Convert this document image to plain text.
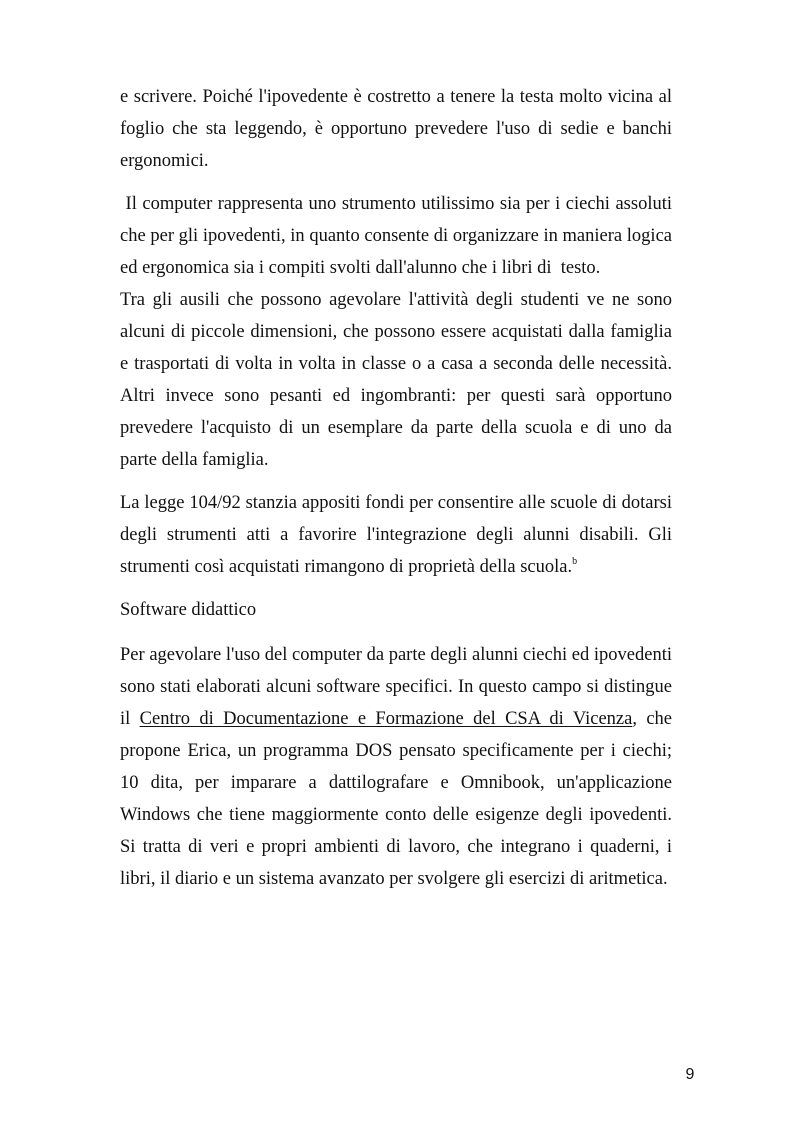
e scrivere. Poiché l'ipovedente è costretto a tenere la testa molto vicina al foglio che sta leggendo, è opportuno prevedere l'uso di sedie e banchi ergonomici.

Il computer rappresenta uno strumento utilissimo sia per i ciechi assoluti che per gli ipovedenti, in quanto consente di organizzare in maniera logica ed ergonomica sia i compiti svolti dall'alunno che i libri di  testo.

Tra gli ausili che possono agevolare l'attività degli studenti ve ne sono alcuni di piccole dimensioni, che possono essere acquistati dalla famiglia e trasportati di volta in volta in classe o a casa a seconda delle necessità. Altri invece sono pesanti ed ingombranti: per questi sarà opportuno prevedere l'acquisto di un esemplare da parte della scuola e di uno da parte della famiglia.

La legge 104/92 stanzia appositi fondi per consentire alle scuole di dotarsi degli strumenti atti a favorire l'integrazione degli alunni disabili. Gli strumenti così acquistati rimangono di proprietà della scuola.$^b$

Software didattico

Per agevolare l'uso del computer da parte degli alunni ciechi ed ipovedenti sono stati elaborati alcuni software specifici. In questo campo si distingue il Centro di Documentazione e Formazione del CSA di Vicenza, che propone Erica, un programma DOS pensato specificamente per i ciechi; 10 dita, per imparare a dattilografare e Omnibook, un'applicazione Windows che tiene maggiormente conto delle esigenze degli ipovedenti. Si tratta di veri e propri ambienti di lavoro, che integrano i quaderni, i libri, il diario e un sistema avanzato per svolgere gli esercizi di aritmetica.

9
